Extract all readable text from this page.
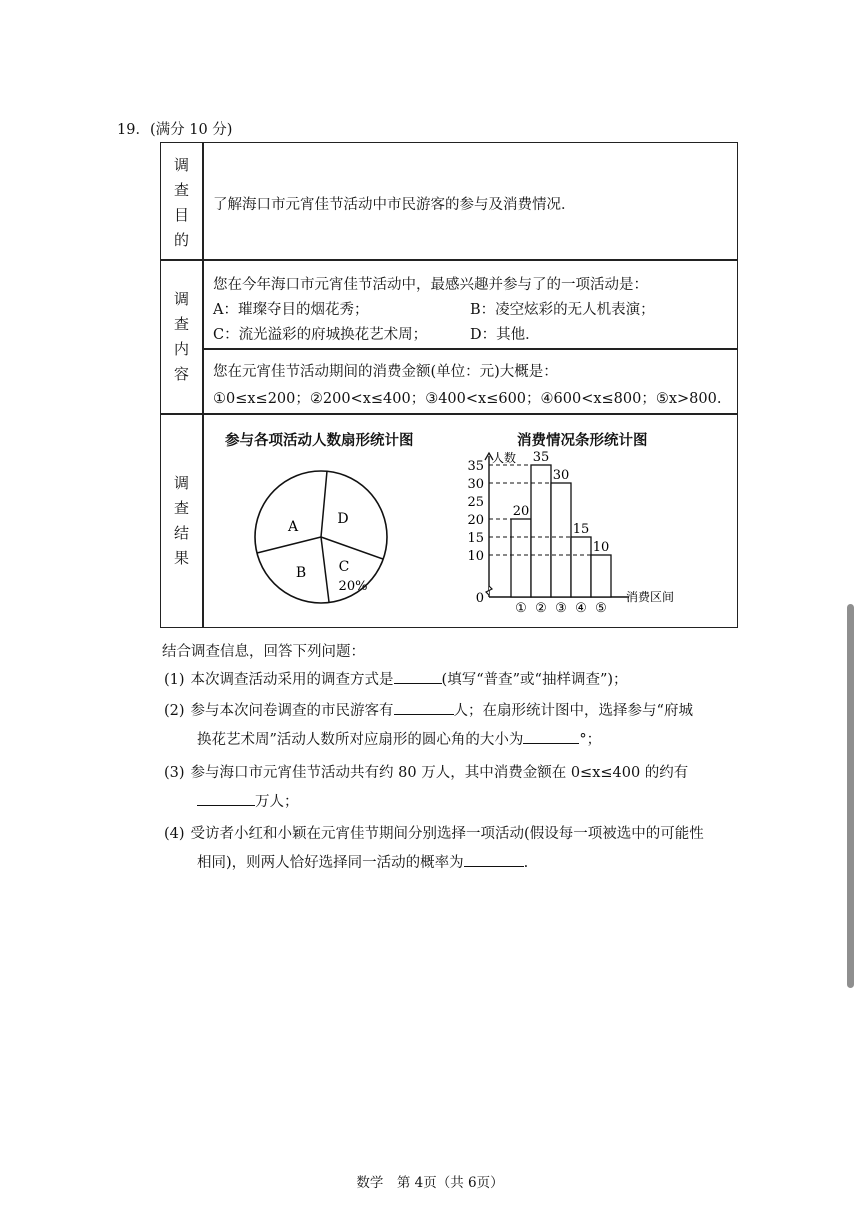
19．(满分 10 分)
调
查
目
的
了解海口市元宵佳节活动中市民游客的参与及消费情况．
调
查
内
容
您在今年海口市元宵佳节活动中，最感兴趣并参与了的一项活动是：
A：璀璨夺目的烟花秀；	B：凌空炫彩的无人机表演；
C：流光溢彩的府城换花艺术周；	D：其他．
您在元宵佳节活动期间的消费金额(单位：元)大概是：
①0≤x≤200；②200<x≤400；③400<x≤600；④600<x≤800；⑤x>800.
调
查
结
果
参与各项活动人数扇形统计图	消费情况条形统计图
A
B
D
C
20%
人数
消费区间
0
10
15
20
25
30
35
20
①
35
②
30
③
15
④
10
⑤
结合调查信息，回答下列问题：
(1) 本次调查活动采用的调查方式是	(填写“普查”或“抽样调查”)；
(2) 参与本次问卷调查的市民游客有	人；在扇形统计图中，选择参与“府城
换花艺术周”活动人数所对应扇形的圆心角的大小为	°；
(3) 参与海口市元宵佳节活动共有约 80 万人，其中消费金额在 0≤x≤400 的约有
万人；
(4) 受访者小红和小颖在元宵佳节期间分别选择一项活动(假设每一项被选中的可能性
相同)，则两人恰好选择同一活动的概率为	.
数学　第 4页（共 6页）
